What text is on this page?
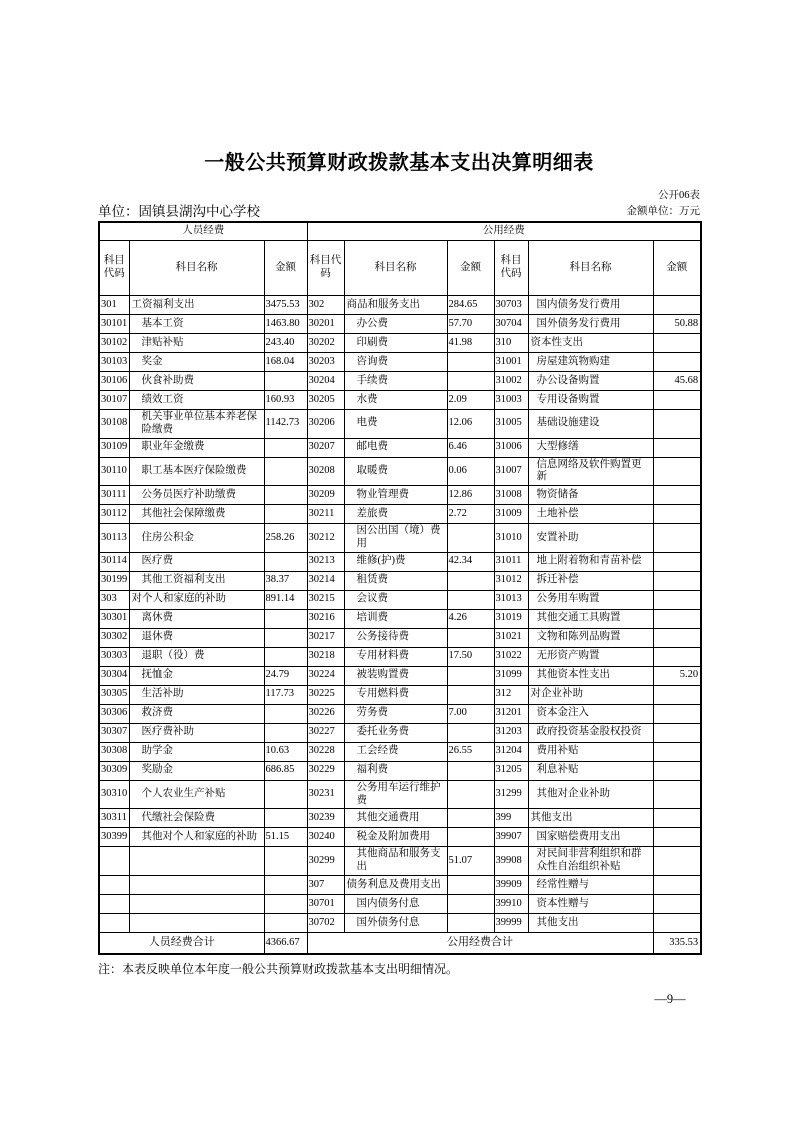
一般公共预算财政拨款基本支出决算明细表
公开06表
单位：固镇县湖沟中心学校	金额单位：万元
人员经费			公用经费					
科目代码	科目名称	金额	科目代码	科目名称	金额	科目代码	科目名称	金额
301	工资福利支出	3475.53	302	商品和服务支出	284.65	30703	国内债务发行费用	
30101	基本工资	1463.80	30201	办公费	57.70	30704	国外债务发行费用	50.88
30102	津贴补贴	243.40	30202	印刷费	41.98	310	资本性支出	
30103	奖金	168.04	30203	咨询费		31001	房屋建筑物购建	
30106	伙食补助费		30204	手续费		31002	办公设备购置	45.68
30107	绩效工资	160.93	30205	水费	2.09	31003	专用设备购置	
30108	机关事业单位基本养老保险缴费	1142.73	30206	电费	12.06	31005	基础设施建设	
30109	职业年金缴费		30207	邮电费	6.46	31006	大型修缮	
30110	职工基本医疗保险缴费		30208	取暖费	0.06	31007	信息网络及软件购置更新	
30111	公务员医疗补助缴费		30209	物业管理费	12.86	31008	物资储备	
30112	其他社会保障缴费		30211	差旅费	2.72	31009	土地补偿	
30113	住房公积金	258.26	30212	因公出国（境）费用		31010	安置补助	
30114	医疗费		30213	维修(护)费	42.34	31011	地上附着物和青苗补偿	
30199	其他工资福利支出	38.37	30214	租赁费		31012	拆迁补偿	
303	对个人和家庭的补助	891.14	30215	会议费		31013	公务用车购置	
30301	离休费		30216	培训费	4.26	31019	其他交通工具购置	
30302	退休费		30217	公务接待费		31021	文物和陈列品购置	
30303	退职（役）费		30218	专用材料费	17.50	31022	无形资产购置	
30304	抚恤金	24.79	30224	被装购置费		31099	其他资本性支出	5.20
30305	生活补助	117.73	30225	专用燃料费		312	对企业补助	
30306	救济费		30226	劳务费	7.00	31201	资本金注入	
30307	医疗费补助		30227	委托业务费		31203	政府投资基金股权投资	
30308	助学金	10.63	30228	工会经费	26.55	31204	费用补贴	
30309	奖励金	686.85	30229	福利费		31205	利息补贴	
30310	个人农业生产补贴		30231	公务用车运行维护费		31299	其他对企业补助	
30311	代缴社会保险费		30239	其他交通费用		399	其他支出	
30399	其他对个人和家庭的补助	51.15	30240	税金及附加费用		39907	国家赔偿费用支出	
			30299	其他商品和服务支出	51.07	39908	对民间非营利组织和群众性自治组织补贴	
			307	债务利息及费用支出		39909	经常性赠与	
			30701	国内债务付息		39910	资本性赠与	
			30702	国外债务付息		39999	其他支出	
人员经费合计		4366.67	公用经费合计					335.53
注：本表反映单位本年度一般公共预算财政拨款基本支出明细情况。
—9—
